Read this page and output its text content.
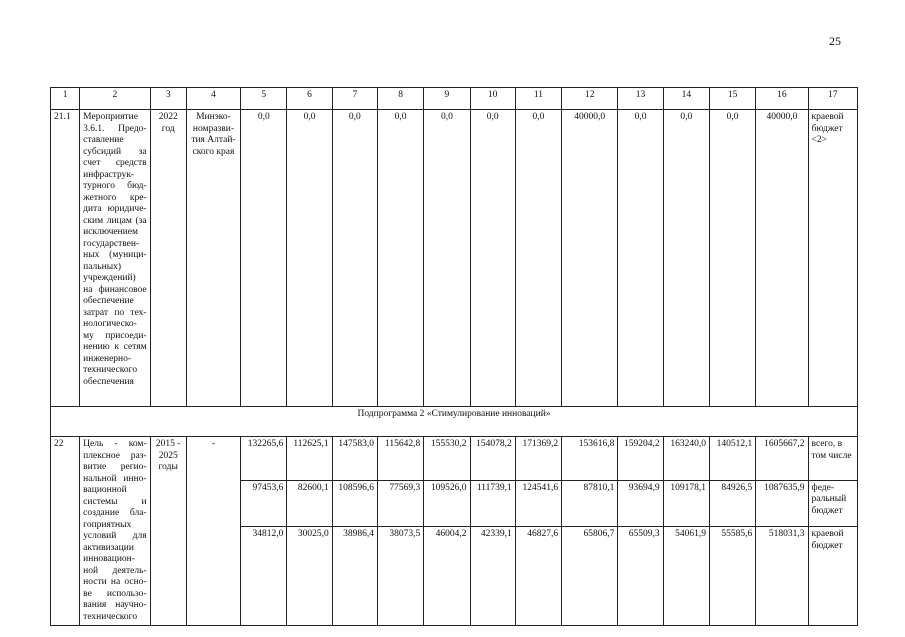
25
1	2	3	4	5	6	7	8	9	10	11	12	13	14	15	16	17
21.1	Мероприятие 3.6.1. Предо-ставление субсидий за счет средств инфраструк-турного бюд-жетного кре-дита юридиче-ским лицам (за исключением государствен-ных (муници-пальных) учреждений) на финансовое обеспечение затрат по тех-нологическо-му присоеди-нению к сетям инженерно-технического обеспечения	2022 год	Минэко-номразви-тия Алтай-ского края	0,0	0,0	0,0	0,0	0,0	0,0	0,0	40000,0	0,0	0,0	0,0	40000,0	краевой бюджет <2>
Подпрограмма 2 «Стимулирование инноваций»																
22	Цель - ком-плексное раз-витие регио-нальной инно-вационной системы и создание бла-гоприятных условий для активизации инновацион-ной деятель-ности на осно-ве использо-вания научно-технического	2015 - 2025 годы	-	132265,6	112625,1	147583,0	115642,8	155530,2	154078,2	171369,2	153616,8	159204,2	163240,0	140512,1	1605667,2	всего, в том числе
				97453,6	82600,1	108596,6	77569,3	109526,0	111739,1	124541,6	87810,1	93694,9	109178,1	84926,5	1087635,9	феде-ральный бюджет
				34812,0	30025,0	38986,4	38073,5	46004,2	42339,1	46827,6	65806,7	65509,3	54061,9	55585,6	518031,3	краевой бюджет
